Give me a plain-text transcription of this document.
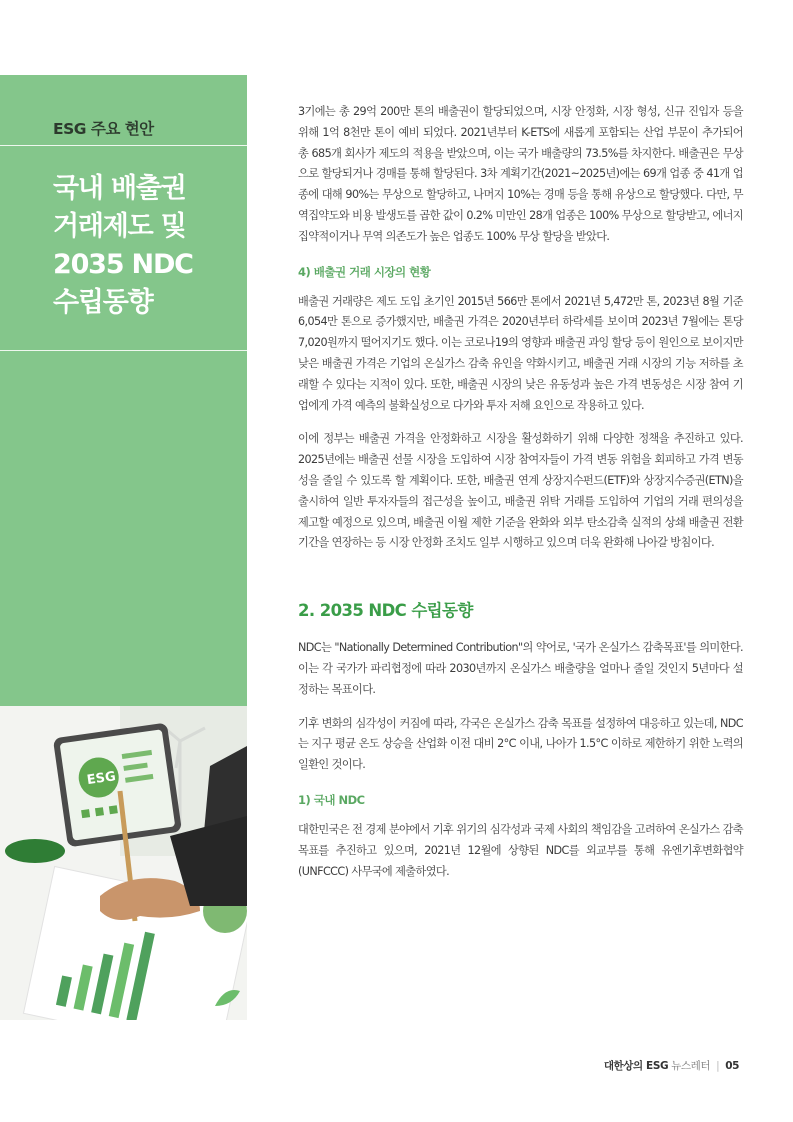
ESG 주요 현안

국내 배출권
거래제도 및
2035 NDC
수립동향
ESG

3기에는 총 29억 200만 톤의 배출권이 할당되었으며, 시장 안정화, 시장 형성, 신규 진입자 등을 위해 1억 8천만 톤이 예비 되었다. 2021년부터 K-ETS에 새롭게 포함되는 산업 부문이 추가되어 총 685개 회사가 제도의 적용을 받았으며, 이는 국가 배출량의 73.5%를 차지한다. 배출권은 무상으로 할당되거나 경매를 통해 할당된다. 3차 계획기간(2021~2025년)에는 69개 업종 중 41개 업종에 대해 90%는 무상으로 할당하고, 나머지 10%는 경매 등을 통해 유상으로 할당했다. 다만, 무역집약도와 비용 발생도를 곱한 값이 0.2% 미만인 28개 업종은 100% 무상으로 할당받고, 에너지 집약적이거나 무역 의존도가 높은 업종도 100% 무상 할당을 받았다.

4) 배출권 거래 시장의 현황

배출권 거래량은 제도 도입 초기인 2015년 566만 톤에서 2021년 5,472만 톤, 2023년 8월 기준 6,054만 톤으로 증가했지만, 배출권 가격은 2020년부터 하락세를 보이며 2023년 7월에는 톤당 7,020원까지 떨어지기도 했다. 이는 코로나19의 영향과 배출권 과잉 할당 등이 원인으로 보이지만 낮은 배출권 가격은 기업의 온실가스 감축 유인을 약화시키고, 배출권 거래 시장의 기능 저하를 초래할 수 있다는 지적이 있다. 또한, 배출권 시장의 낮은 유동성과 높은 가격 변동성은 시장 참여 기업에게 가격 예측의 불확실성으로 다가와 투자 저해 요인으로 작용하고 있다.

이에 정부는 배출권 가격을 안정화하고 시장을 활성화하기 위해 다양한 정책을 추진하고 있다. 2025년에는 배출권 선물 시장을 도입하여 시장 참여자들이 가격 변동 위험을 회피하고 가격 변동성을 줄일 수 있도록 할 계획이다. 또한, 배출권 연계 상장지수펀드(ETF)와 상장지수증권(ETN)을 출시하여 일반 투자자들의 접근성을 높이고, 배출권 위탁 거래를 도입하여 기업의 거래 편의성을 제고할 예정으로 있으며, 배출권 이월 제한 기준을 완화와 외부 탄소감축 실적의 상쇄 배출권 전환 기간을 연장하는 등 시장 안정화 조치도 일부 시행하고 있으며 더욱 완화해 나아갈 방침이다.

2. 2035 NDC 수립동향

NDC는 "Nationally Determined Contribution"의 약어로, '국가 온실가스 감축목표'를 의미한다. 이는 각 국가가 파리협정에 따라 2030년까지 온실가스 배출량을 얼마나 줄일 것인지 5년마다 설정하는 목표이다.

기후 변화의 심각성이 커짐에 따라, 각국은 온실가스 감축 목표를 설정하여 대응하고 있는데, NDC는 지구 평균 온도 상승을 산업화 이전 대비 2°C 이내, 나아가 1.5°C 이하로 제한하기 위한 노력의 일환인 것이다.

1) 국내 NDC

대한민국은 전 경제 분야에서 기후 위기의 심각성과 국제 사회의 책임감을 고려하여 온실가스 감축 목표를 추진하고 있으며, 2021년 12월에 상향된 NDC를 외교부를 통해 유엔기후변화협약(UNFCCC) 사무국에 제출하였다.

대한상의 ESG 뉴스레터 | 05
